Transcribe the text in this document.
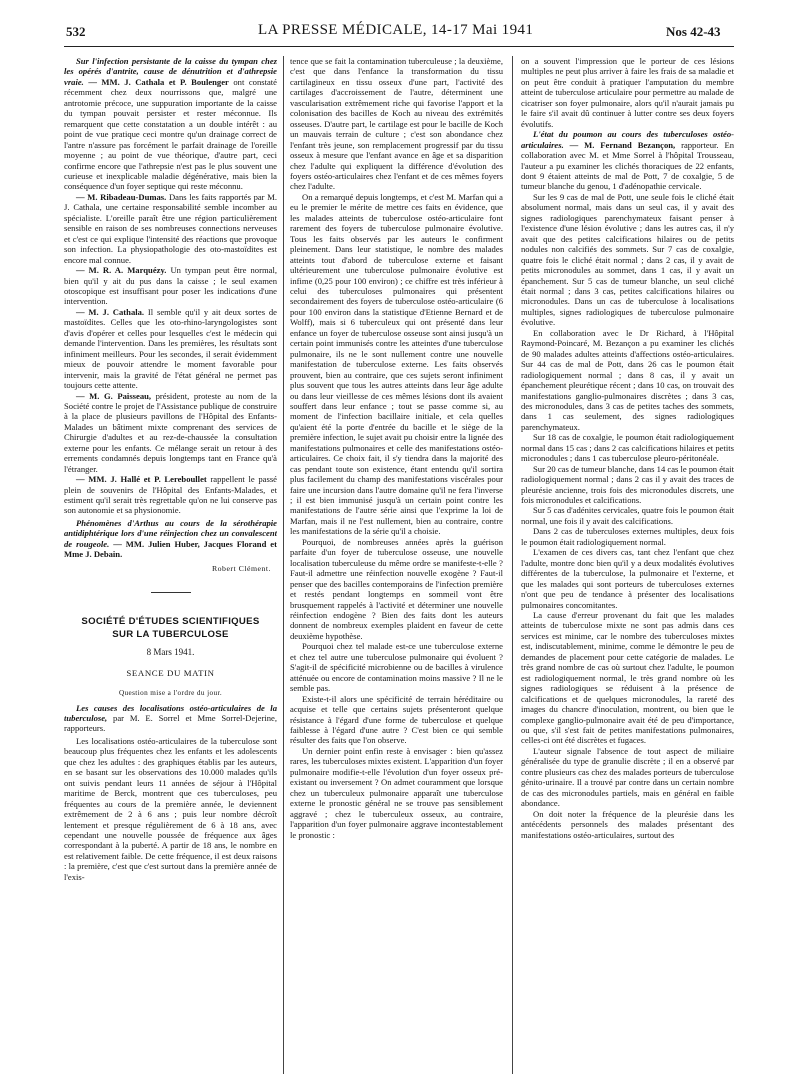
532	LA PRESSE MÉDICALE, 14-17 Mai 1941	Nos 42-43

Sur l'infection persistante de la caisse du tympan chez les opérés d'antrite, cause de dénutrition et d'athrepsie vraie. — MM. J. Cathala et P. Boulenger ont constaté récemment chez deux nourrissons que, malgré une antrotomie précoce, une suppuration importante de la caisse du tympan pouvait persister et rester méconnue. Ils remarquent que cette constatation a un double intérêt : au point de vue pratique ceci montre qu'un drainage correct de l'antre n'assure pas forcément le parfait drainage de l'oreille moyenne ; au point de vue théorique, d'autre part, ceci confirme encore que l'athrepsie n'est pas le plus souvent une curieuse et inexplicable maladie dégénérative, mais bien la conséquence d'un foyer septique qui reste méconnu.

— M. Ribadeau-Dumas. Dans les faits rapportés par M. J. Cathala, une certaine responsabilité semble incomber au spécialiste. L'oreille paraît être une région particulièrement sensible en raison de ses nombreuses connections nerveuses et c'est ce qui explique l'intensité des réactions que provoque son infection. La physiopathologie des oto-mastoïdites est encore mal connue.

— M. R. A. Marquézy. Un tympan peut être normal, bien qu'il y ait du pus dans la caisse ; le seul examen otoscopique est insuffisant pour poser les indications d'une intervention.

— M. J. Cathala. Il semble qu'il y ait deux sortes de mastoïdites. Celles que les oto-rhino-laryngologistes sont d'avis d'opérer et celles pour lesquelles c'est le médecin qui demande l'intervention. Dans les premières, les résultats sont infiniment meilleurs. Pour les secondes, il serait évidemment mieux de pouvoir attendre le moment favorable pour intervenir, mais la gravité de l'état général ne permet pas toujours cette attente.

— M. G. Paisseau, président, proteste au nom de la Société contre le projet de l'Assistance publique de construire à la place de plusieurs pavillons de l'Hôpital des Enfants-Malades un bâtiment mixte comprenant des services de Chirurgie d'adultes et au rez-de-chaussée la consultation externe pour les enfants. Ce mélange serait un retour à des errements condamnés depuis longtemps tant en France qu'à l'étranger.

— MM. J. Hallé et P. Lereboullet rappellent le passé plein de souvenirs de l'Hôpital des Enfants-Malades, et estiment qu'il serait très regrettable qu'on ne lui conserve pas son autonomie et sa physionomie.

Phénomènes d'Arthus au cours de la sérothérapie antidiphtérique lors d'une réinjection chez un convalescent de rougeole. — MM. Julien Huber, Jacques Florand et Mme J. Debain.

Robert Clément.

SOCIÉTÉ D'ÉTUDES SCIENTIFIQUES
SUR LA TUBERCULOSE

8 Mars 1941.

SEANCE DU MATIN

Question mise a l'ordre du jour.

Les causes des localisations ostéo-articulaires de la tuberculose, par M. E. Sorrel et Mme Sorrel-Dejerine, rapporteurs.

Les localisations ostéo-articulaires de la tuberculose sont beaucoup plus fréquentes chez les enfants et les adolescents que chez les adultes : des graphiques établis par les auteurs, en se basant sur les observations des 10.000 malades qu'ils ont suivis pendant leurs 11 années de séjour à l'Hôpital maritime de Berck, montrent que ces tuberculoses, peu fréquentes au cours de la première année, le deviennent extrêmement de 2 à 6 ans ; puis leur nombre décroît lentement et presque régulièrement de 6 à 18 ans, avec cependant une nouvelle poussée de fréquence aux âges correspondant à la puberté. A partir de 18 ans, le nombre en est relativement faible. De cette fréquence, il est deux raisons : la première, c'est que c'est surtout dans la première année de l'exis-

tence que se fait la contamination tuberculeuse ; la deuxième, c'est que dans l'enfance la transformation du tissu cartilagineux en tissu osseux d'une part, l'activité des cartilages d'accroissement de l'autre, déterminent une vascularisation extrêmement riche qui favorise l'apport et la colonisation des bacilles de Koch au niveau des extrémités osseuses. D'autre part, le cartilage est pour le bacille de Koch un mauvais terrain de culture ; c'est son abondance chez l'enfant très jeune, son remplacement progressif par du tissu osseux à mesure que l'enfant avance en âge et sa disparition chez l'adulte qui expliquent la différence d'évolution des foyers ostéo-articulaires chez l'enfant et de ces mêmes foyers chez l'adulte.

On a remarqué depuis longtemps, et c'est M. Marfan qui a eu le premier le mérite de mettre ces faits en évidence, que les malades atteints de tuberculose ostéo-articulaire font rarement des foyers de tuberculose pulmonaire évolutive. Tous les faits observés par les auteurs le confirment pleinement. Dans leur statistique, le nombre des malades atteints tout d'abord de tuberculose externe et faisant ultérieurement une tuberculose pulmonaire évolutive est infime (0,25 pour 100 environ) ; ce chiffre est très inférieur à celui des tuberculoses pulmonaires qui présentent secondairement des foyers de tuberculose ostéo-articulaire (6 pour 100 environ dans la statistique d'Etienne Bernard et de Wolff), mais si 6 tuberculeux qui ont présenté dans leur enfance un foyer de tuberculose osseuse sont ainsi jusqu'à un certain point immunisés contre les atteintes d'une tuberculose pulmonaire, ils ne le sont nullement contre une nouvelle manifestation de tuberculose externe. Les faits observés prouvent, bien au contraire, que ces sujets seront infiniment plus souvent que tous les autres atteints dans leur âge adulte ou dans leur vieillesse de ces mêmes lésions dont ils avaient souffert dans leur enfance ; tout se passe comme si, au moment de l'infection bacillaire initiale, et cela quelles qu'aient été la porte d'entrée du bacille et le siège de la première infection, le sujet avait pu choisir entre la lignée des manifestations pulmonaires et celle des manifestations ostéo-articulaires. Ce choix fait, il s'y tiendra dans la majorité des cas pendant toute son existence, étant entendu qu'il sortira plus facilement du champ des manifestations viscérales pour faire une incursion dans l'autre domaine qu'il ne fera l'inverse ; il est bien immunisé jusqu'à un certain point contre les manifestations de l'autre série ainsi que l'exprime la loi de Marfan, mais il ne l'est nullement, bien au contraire, contre les manifestations de la série qu'il a choisie.

Pourquoi, de nombreuses années après la guérison parfaite d'un foyer de tuberculose osseuse, une nouvelle localisation tuberculeuse du même ordre se manifeste-t-elle ? Faut-il admettre une réinfection nouvelle exogène ? Faut-il penser que des bacilles contemporains de l'infection première et restés pendant longtemps en sommeil vont être brusquement rappelés à l'activité et déterminer une nouvelle réinfection endogène ? Bien des faits dont les auteurs donnent de nombreux exemples plaident en faveur de cette deuxième hypothèse.

Pourquoi chez tel malade est-ce une tuberculose externe et chez tel autre une tuberculose pulmonaire qui évoluent ? S'agit-il de spécificité microbienne ou de bacilles à virulence atténuée ou encore de contamination moins massive ? Il ne le semble pas.

Existe-t-il alors une spécificité de terrain héréditaire ou acquise et telle que certains sujets présenteront quelque résistance à l'égard d'une forme de tuberculose et quelque faiblesse à l'égard d'une autre ? C'est bien ce qui semble résulter des faits que l'on observe.

Un dernier point enfin reste à envisager : bien qu'assez rares, les tuberculoses mixtes existent. L'apparition d'un foyer pulmonaire modifie-t-elle l'évolution d'un foyer osseux pré-existant ou inversement ? On admet couramment que lorsque chez un tuberculeux pulmonaire apparaît une tuberculose externe le pronostic général ne se trouve pas sensiblement aggravé ; chez le tuberculeux osseux, au contraire, l'apparition d'un foyer pulmonaire aggrave incontestablement le pronostic :

on a souvent l'impression que le porteur de ces lésions multiples ne peut plus arriver à faire les frais de sa maladie et on peut être conduit à pratiquer l'amputation du membre atteint de tuberculose articulaire pour permettre au malade de cicatriser son foyer pulmonaire, alors qu'il n'aurait jamais pu le faire s'il avait dû continuer à lutter contre ses deux foyers évolutifs.

L'état du poumon au cours des tuberculoses ostéo-articulaires. — M. Fernand Bezançon, rapporteur. En collaboration avec M. et Mme Sorrel à l'hôpital Trousseau, l'auteur a pu examiner les clichés thoraciques de 22 enfants, dont 9 étaient atteints de mal de Pott, 7 de coxalgie, 5 de tumeur blanche du genou, 1 d'adénopathie cervicale.

Sur les 9 cas de mal de Pott, une seule fois le cliché était absolument normal, mais dans un seul cas, il y avait des signes radiologiques parenchymateux faisant penser à l'existence d'une lésion évolutive ; dans les autres cas, il n'y avait que des petites calcifications hilaires ou de petits nodules non calcifiés des sommets. Sur 7 cas de coxalgie, quatre fois le cliché était normal ; dans 2 cas, il y avait de petits micronodules au sommet, dans 1 cas, il y avait un épanchement. Sur 5 cas de tumeur blanche, un seul cliché était normal ; dans 3 cas, petites calcifications hilaires ou micronodules. Dans un cas de tuberculose à localisations multiples, signes radiologiques de tuberculose pulmonaire évolutive.

En collaboration avec le Dr Richard, à l'Hôpital Raymond-Poincaré, M. Bezançon a pu examiner les clichés de 90 malades adultes atteints d'affections ostéo-articulaires. Sur 44 cas de mal de Pott, dans 26 cas le poumon était radiologiquement normal ; dans 8 cas, il y avait un épanchement pleurétique récent ; dans 10 cas, on trouvait des manifestations ganglio-pulmonaires discrètes ; dans 3 cas, des micronodules, dans 3 cas de petites taches des sommets, dans 1 cas seulement, des signes radiologiques parenchymateux.

Sur 18 cas de coxalgie, le poumon était radiologiquement normal dans 15 cas ; dans 2 cas calcifications hilaires et petits micronodules ; dans 1 cas tuberculose pleuro-péritonéale.

Sur 20 cas de tumeur blanche, dans 14 cas le poumon était radiologiquement normal ; dans 2 cas il y avait des traces de pleurésie ancienne, trois fois des micronodules discrets, une fois micronodules et calcifications.

Sur 5 cas d'adénites cervicales, quatre fois le poumon était normal, une fois il y avait des calcifications.

Dans 2 cas de tuberculoses externes multiples, deux fois le poumon était radiologiquement normal.

L'examen de ces divers cas, tant chez l'enfant que chez l'adulte, montre donc bien qu'il y a deux modalités évolutives différentes de la tuberculose, la pulmonaire et l'externe, et que les malades qui sont porteurs de tuberculoses externes n'ont que peu de tendance à présenter des localisations pulmonaires concomitantes.

La cause d'erreur provenant du fait que les malades atteints de tuberculose mixte ne sont pas admis dans ces services est minime, car le nombre des tuberculoses mixtes est, indiscutablement, minime, comme le démontre le peu de demandes de placement pour cette catégorie de malades. Le très grand nombre de cas où surtout chez l'adulte, le poumon est radiologiquement normal, le très grand nombre où les signes radiologiques se réduisent à la présence de calcifications et de quelques micronodules, la rareté des images du chancre d'inoculation, montrent, ou bien que le complexe ganglio-pulmonaire avait été de peu d'importance, ou que, s'il s'est fait de petites manifestations pulmonaires, celles-ci ont été discrètes et fugaces.

L'auteur signale l'absence de tout aspect de miliaire généralisée du type de granulie discrète ; il en a observé par contre plusieurs cas chez des malades porteurs de tuberculose génito-urinaire. Il a trouvé par contre dans un certain nombre de cas des micronodules partiels, mais en général en faible abondance.

On doit noter la fréquence de la pleurésie dans les antécédents personnels des malades présentant des manifestations ostéo-articulaires, surtout des
